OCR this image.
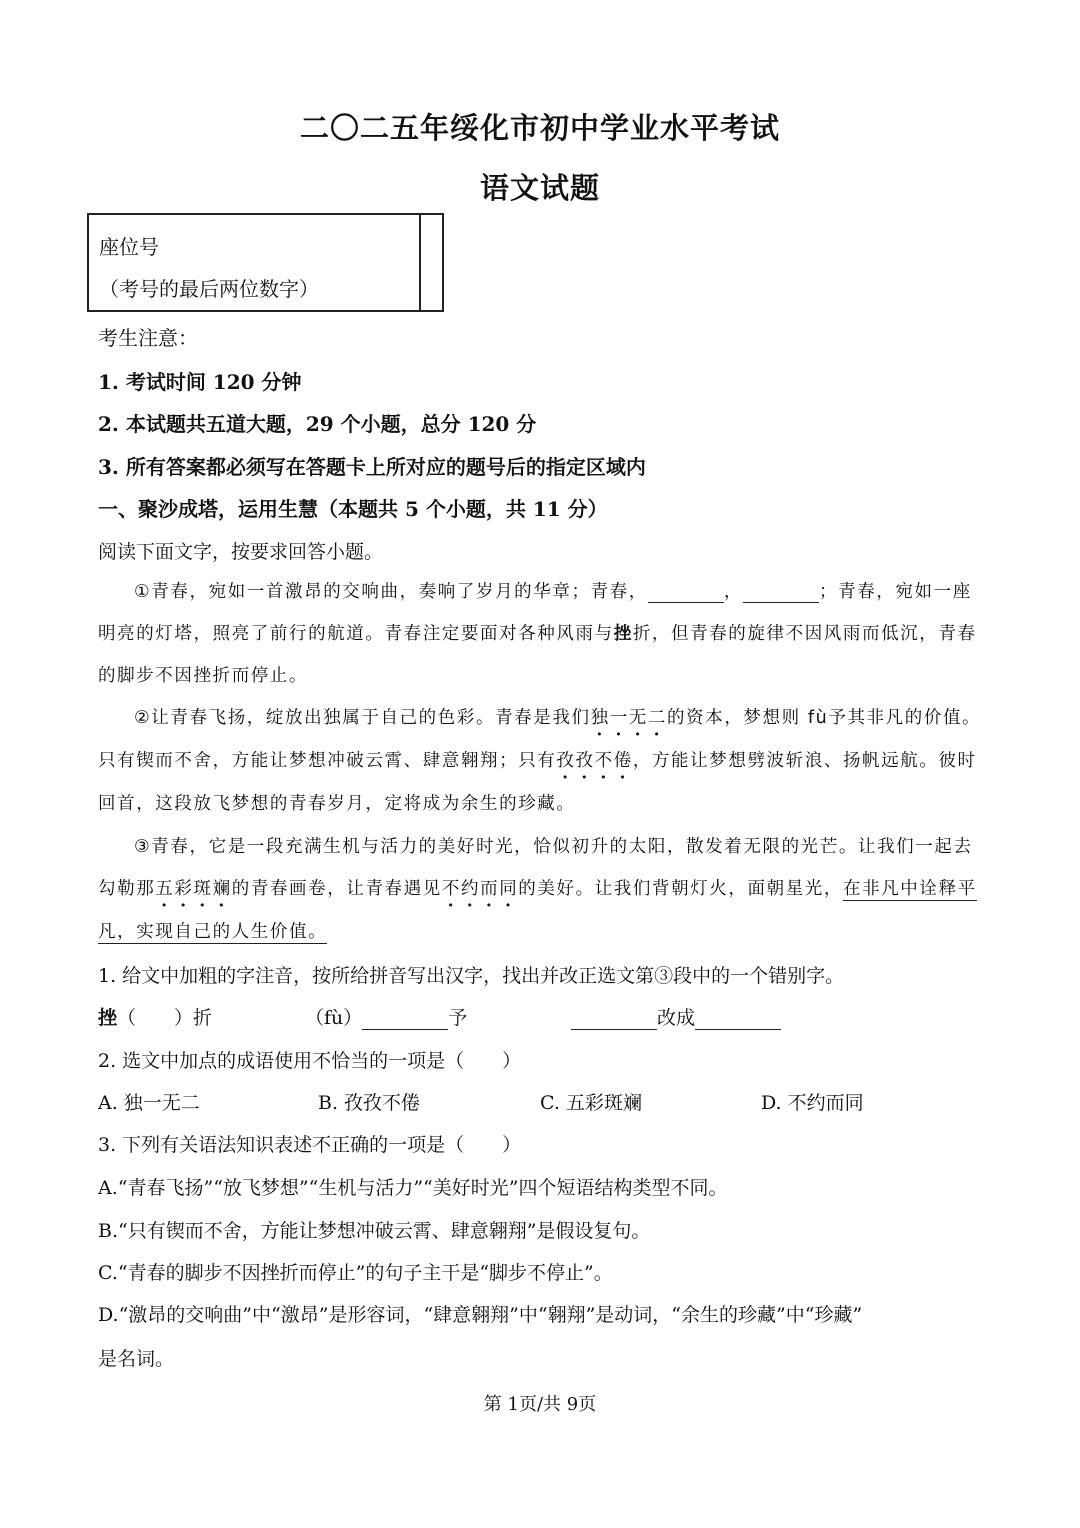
二〇二五年绥化市初中学业水平考试
语文试题
座位号
（考号的最后两位数字）
考生注意：
1. 考试时间 120 分钟
2. 本试题共五道大题，29 个小题，总分 120 分
3. 所有答案都必须写在答题卡上所对应的题号后的指定区域内
一、聚沙成塔，运用生慧（本题共 5 个小题，共 11 分）
阅读下面文字，按要求回答小题。
①青春，宛如一首激昂的交响曲，奏响了岁月的华章；青春，	，	；青春，宛如一座
明亮的灯塔，照亮了前行的航道。青春注定要面对各种风雨与挫折，但青春的旋律不因风雨而低沉，青春
的脚步不因挫折而停止。
②让青春飞扬，绽放出独属于自己的色彩。青春是我们独一无二的资本，梦想则 fù予其非凡的价值。
只有锲而不舍，方能让梦想冲破云霄、肆意翱翔；只有孜孜不倦，方能让梦想劈波斩浪、扬帆远航。彼时
回首，这段放飞梦想的青春岁月，定将成为余生的珍藏。
③青春，它是一段充满生机与活力的美好时光，恰似初升的太阳，散发着无限的光芒。让我们一起去
勾勒那五彩斑斓的青春画卷，让青春遇见不约而同的美好。让我们背朝灯火，面朝星光，在非凡中诠释平
凡，实现自己的人生价值。
1. 给文中加粗的字注音，按所给拼音写出汉字，找出并改正选文第③段中的一个错别字。
挫（　　）折	（fù）	予	改成
2. 选文中加点的成语使用不恰当的一项是（　　）
A. 独一无二	B. 孜孜不倦	C. 五彩斑斓	D. 不约而同
3. 下列有关语法知识表述不正确的一项是（　　）
A.“青春飞扬”“放飞梦想”“生机与活力”“美好时光”四个短语结构类型不同。
B.“只有锲而不舍，方能让梦想冲破云霄、肆意翱翔”是假设复句。
C.“青春的脚步不因挫折而停止”的句子主干是“脚步不停止”。
D.“激昂的交响曲”中“激昂”是形容词，“肆意翱翔”中“翱翔”是动词，“余生的珍藏”中“珍藏”
是名词。
第 1页/共 9页
